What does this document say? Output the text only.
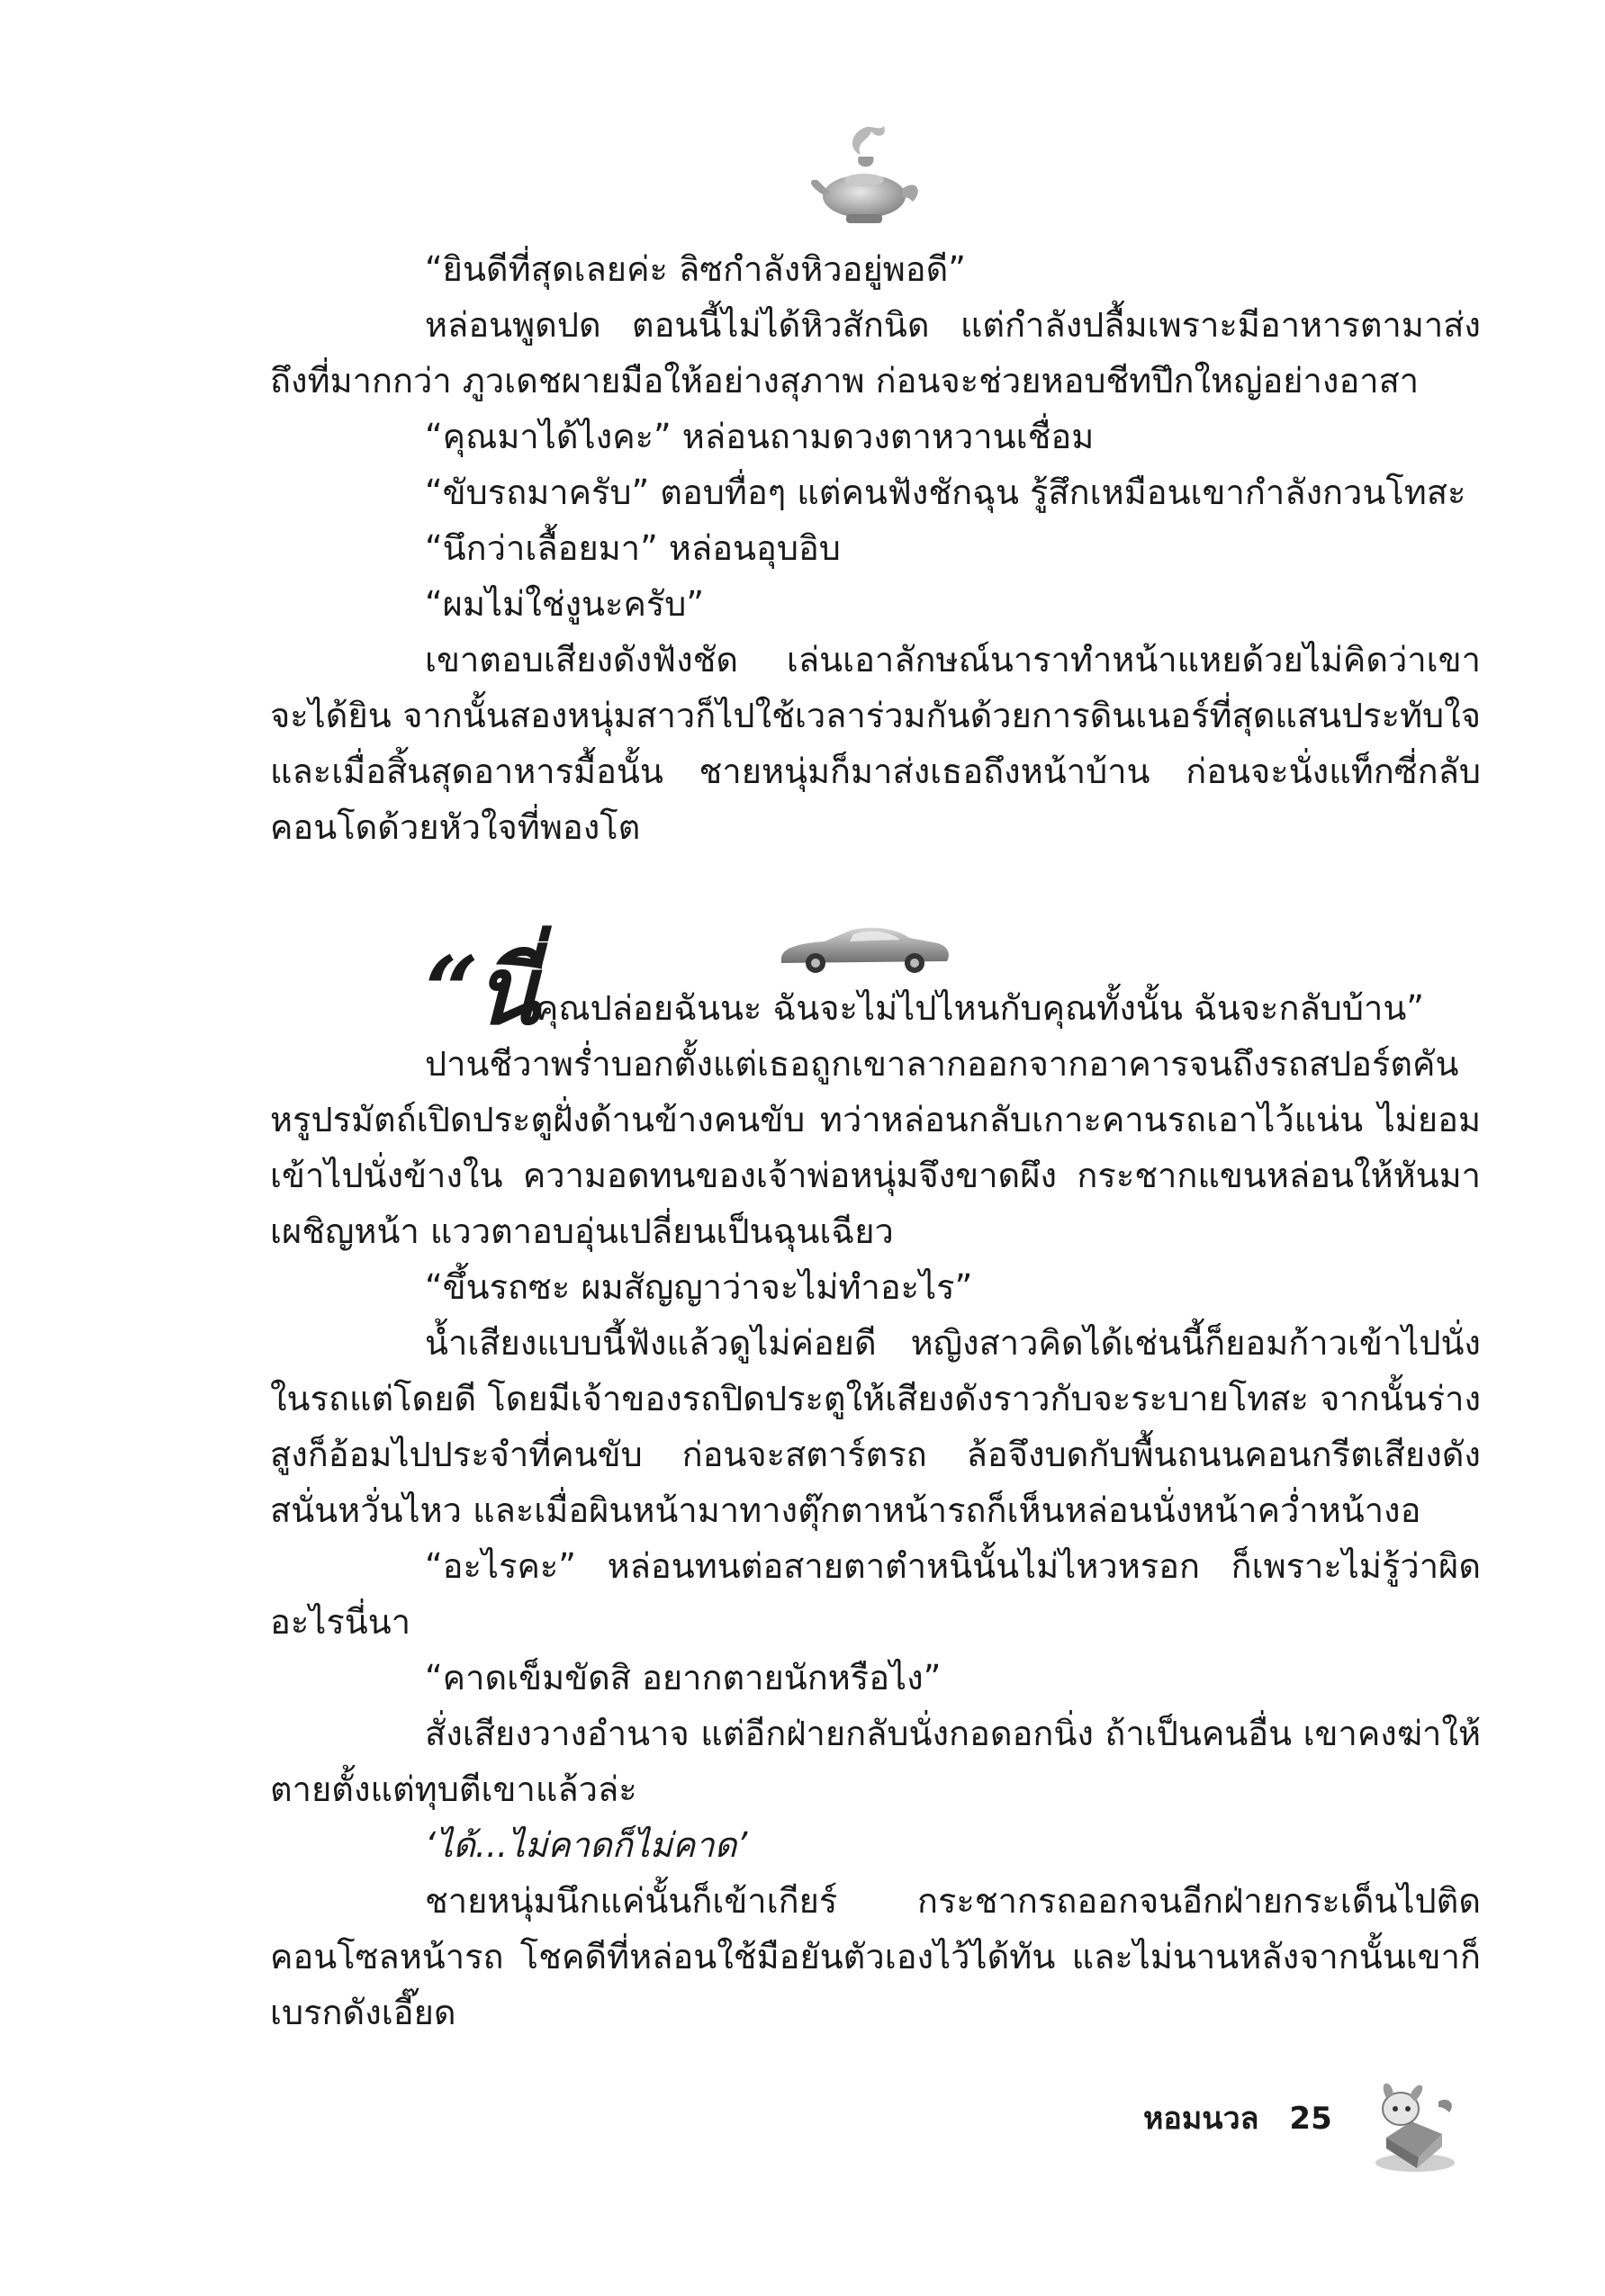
“ยินดีที่สุดเลยค่ะ ลิซกำลังหิวอยู่พอดี”

หล่อนพูดปด ตอนนี้ไม่ได้หิวสักนิด แต่กำลังปลื้มเพราะมีอาหารตามาส่งถึงที่มากกว่า ภูวเดชผายมือให้อย่างสุภาพ ก่อนจะช่วยหอบชีทปึกใหญ่อย่างอาสา

“คุณมาได้ไงคะ” หล่อนถามดวงตาหวานเชื่อม

“ขับรถมาครับ” ตอบทื่อๆ แต่คนฟังชักฉุน รู้สึกเหมือนเขากำลังกวนโทสะ

“นึกว่าเลื้อยมา” หล่อนอุบอิบ

“ผมไม่ใช่งูนะครับ”

เขาตอบเสียงดังฟังชัด เล่นเอาลักษณ์นาราทำหน้าแหยด้วยไม่คิดว่าเขาจะได้ยิน จากนั้นสองหนุ่มสาวก็ไปใช้เวลาร่วมกันด้วยการดินเนอร์ที่สุดแสนประทับใจ และเมื่อสิ้นสุดอาหารมื้อนั้น ชายหนุ่มก็มาส่งเธอถึงหน้าบ้าน ก่อนจะนั่งแท็กซี่กลับคอนโดด้วยหัวใจที่พองโต

“นี่คุณปล่อยฉันนะ ฉันจะไม่ไปไหนกับคุณทั้งนั้น ฉันจะกลับบ้าน”

ปานชีวาพร่ำบอกตั้งแต่เธอถูกเขาลากออกจากอาคารจนถึงรถสปอร์ตคันหรูปรมัตถ์เปิดประตูฝั่งด้านข้างคนขับ ทว่าหล่อนกลับเกาะคานรถเอาไว้แน่น ไม่ยอมเข้าไปนั่งข้างใน ความอดทนของเจ้าพ่อหนุ่มจึงขาดผึง กระชากแขนหล่อนให้หันมาเผชิญหน้า แววตาอบอุ่นเปลี่ยนเป็นฉุนเฉียว

“ขึ้นรถซะ ผมสัญญาว่าจะไม่ทำอะไร”

น้ำเสียงแบบนี้ฟังแล้วดูไม่ค่อยดี หญิงสาวคิดได้เช่นนี้ก็ยอมก้าวเข้าไปนั่งในรถแต่โดยดี โดยมีเจ้าของรถปิดประตูให้เสียงดังราวกับจะระบายโทสะ จากนั้นร่างสูงก็อ้อมไปประจำที่คนขับ ก่อนจะสตาร์ตรถ ล้อจึงบดกับพื้นถนนคอนกรีตเสียงดังสนั่นหวั่นไหว และเมื่อผินหน้ามาทางตุ๊กตาหน้ารถก็เห็นหล่อนนั่งหน้าคว่ำหน้างอ

“อะไรคะ” หล่อนทนต่อสายตาตำหนินั้นไม่ไหวหรอก ก็เพราะไม่รู้ว่าผิดอะไรนี่นา

“คาดเข็มขัดสิ อยากตายนักหรือไง”

สั่งเสียงวางอำนาจ แต่อีกฝ่ายกลับนั่งกอดอกนิ่ง ถ้าเป็นคนอื่น เขาคงฆ่าให้ตายตั้งแต่ทุบตีเขาแล้วล่ะ

‘ได้...ไม่คาดก็ไม่คาด’

ชายหนุ่มนึกแค่นั้นก็เข้าเกียร์ กระชากรถออกจนอีกฝ่ายกระเด็นไปติดคอนโซลหน้ารถ โชคดีที่หล่อนใช้มือยันตัวเองไว้ได้ทัน และไม่นานหลังจากนั้นเขาก็เบรกดังเอี๊ยด

หอมนวล 25
